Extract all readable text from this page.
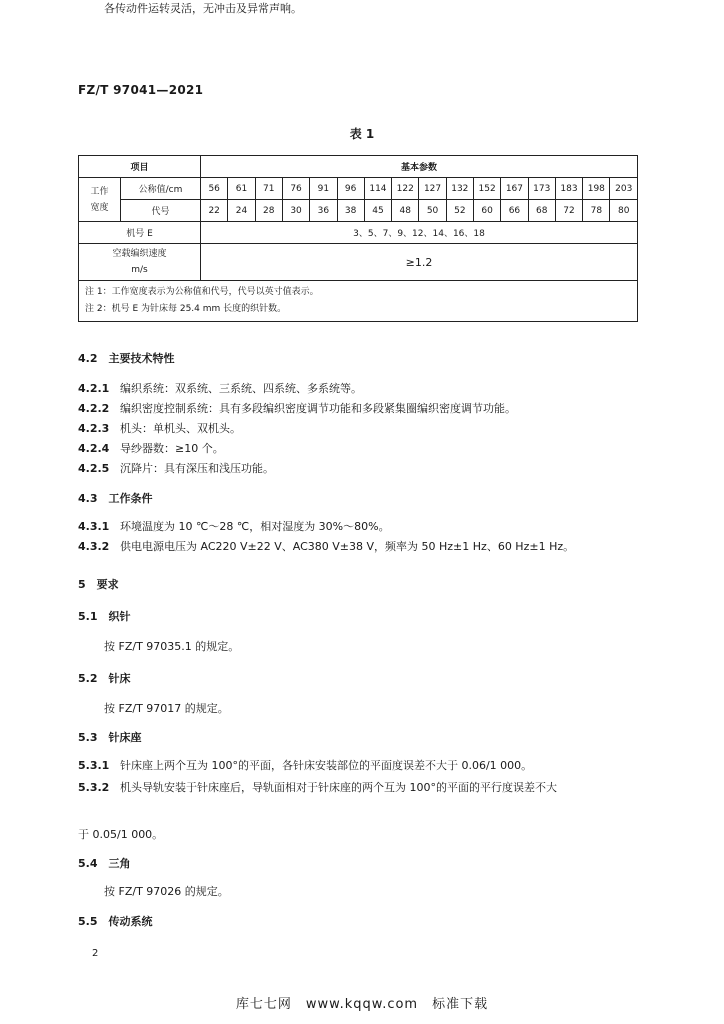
FZ/T 97041—2021
表 1
项目		基本参数															
工作
宽度	公称值/cm	56	61	71	76	91	96	114	122	127	132	152	167	173	183	198	203
	代号	22	24	28	30	36	38	45	48	50	52	60	66	68	72	78	80
机号 E		3、5、7、9、12、14、16、18															

空载编织速度
m/s		≥1.2															

注 1：工作宽度表示为公称值和代号，代号以英寸值表示。
注 2：机号 E 为针床每 25.4 mm 长度的织针数。																	
4.2　主要技术特性
4.2.1 编织系统：双系统、三系统、四系统、多系统等。
4.2.2 编织密度控制系统：具有多段编织密度调节功能和多段紧集圈编织密度调节功能。
4.2.3 机头：单机头、双机头。
4.2.4 导纱器数：≥10 个。
4.2.5 沉降片：具有深压和浅压功能。
4.3　工作条件
4.3.1 环境温度为 10 ℃～28 ℃，相对湿度为 30%～80%。
4.3.2 供电电源电压为 AC220 V±22 V、AC380 V±38 V，频率为 50 Hz±1 Hz、60 Hz±1 Hz。
5　要求
5.1　织针
按 FZ/T 97035.1 的规定。
5.2　针床
按 FZ/T 97017 的规定。
5.3　针床座
5.3.1 针床座上两个互为 100°的平面，各针床安装部位的平面度误差不大于 0.06/1 000。
5.3.2 机头导轨安装于针床座后，导轨面相对于针床座的两个互为 100°的平面的平行度误差不大
于 0.05/1 000。
5.4　三角
按 FZ/T 97026 的规定。
5.5　传动系统
各传动件运转灵活，无冲击及异常声响。
2
库七七网　www.kqqw.com　标准下载
